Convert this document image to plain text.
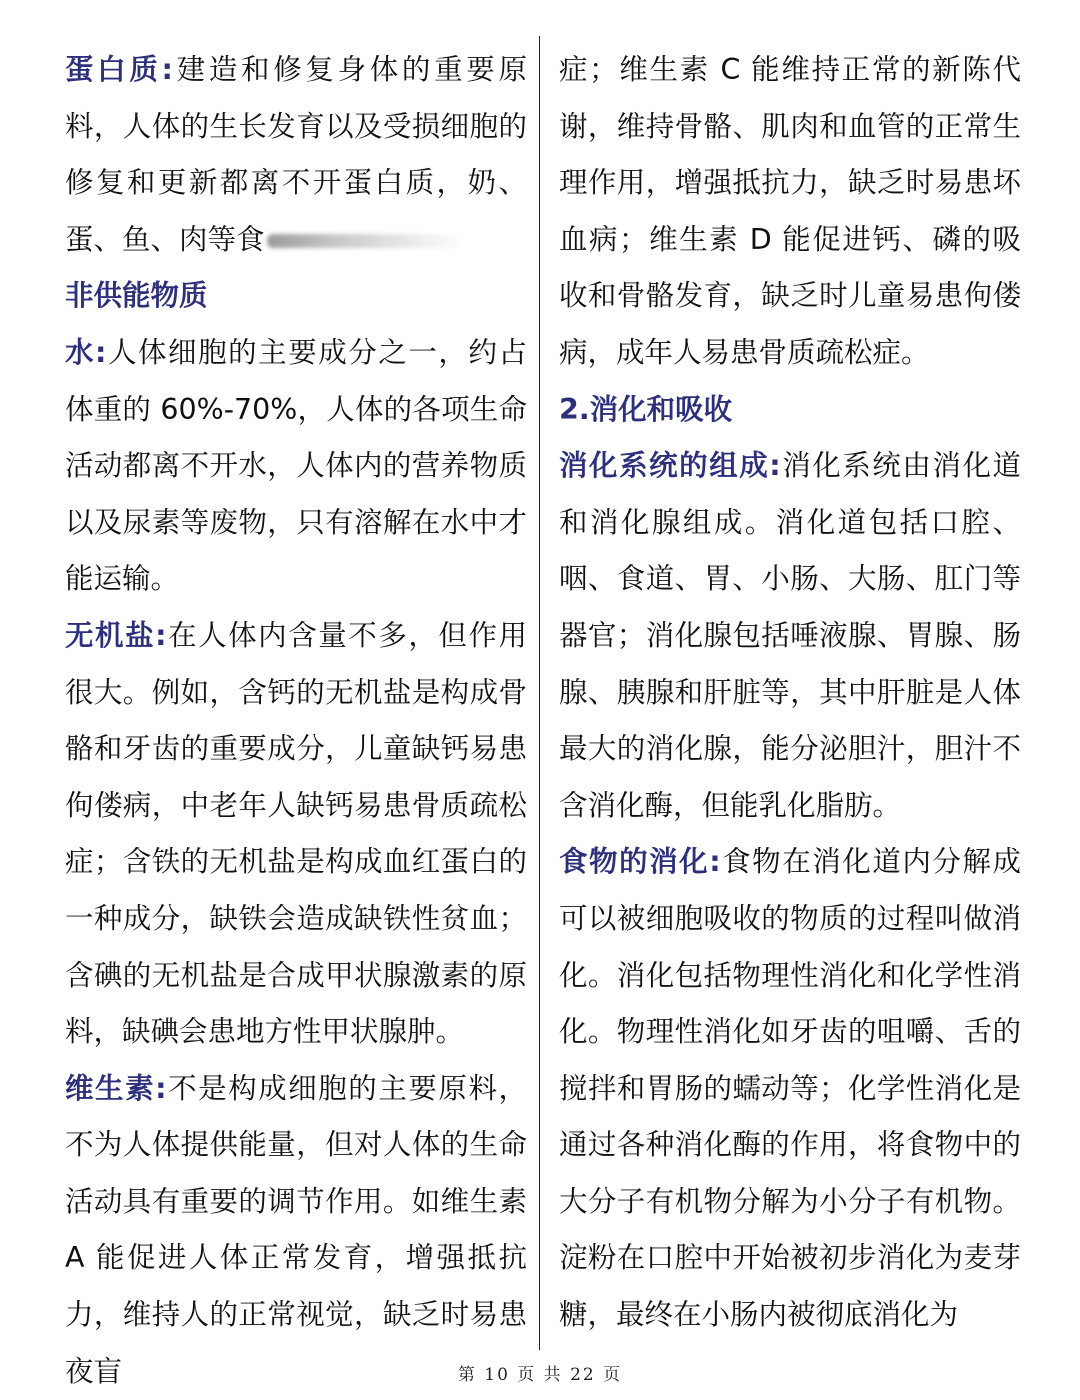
蛋白质:建造和修复身体的重要原料，人体的生长发育以及受损细胞的修复和更新都离不开蛋白质，奶、蛋、鱼、肉等食

非供能物质

水:人体细胞的主要成分之一，约占体重的 60%-70%，人体的各项生命活动都离不开水，人体内的营养物质以及尿素等废物，只有溶解在水中才能运输。

无机盐:在人体内含量不多，但作用很大。例如，含钙的无机盐是构成骨骼和牙齿的重要成分，儿童缺钙易患佝偻病，中老年人缺钙易患骨质疏松症；含铁的无机盐是构成血红蛋白的一种成分，缺铁会造成缺铁性贫血；含碘的无机盐是合成甲状腺激素的原料，缺碘会患地方性甲状腺肿。

维生素:不是构成细胞的主要原料，不为人体提供能量，但对人体的生命活动具有重要的调节作用。如维生素 A 能促进人体正常发育，增强抵抗力，维持人的正常视觉，缺乏时易患夜盲

症；维生素 C 能维持正常的新陈代谢，维持骨骼、肌肉和血管的正常生理作用，增强抵抗力，缺乏时易患坏血病；维生素 D 能促进钙、磷的吸收和骨骼发育，缺乏时儿童易患佝偻病，成年人易患骨质疏松症。

2.消化和吸收

消化系统的组成:消化系统由消化道和消化腺组成。消化道包括口腔、咽、食道、胃、小肠、大肠、肛门等器官；消化腺包括唾液腺、胃腺、肠腺、胰腺和肝脏等，其中肝脏是人体最大的消化腺，能分泌胆汁，胆汁不含消化酶，但能乳化脂肪。

食物的消化:食物在消化道内分解成可以被细胞吸收的物质的过程叫做消化。消化包括物理性消化和化学性消化。物理性消化如牙齿的咀嚼、舌的搅拌和胃肠的蠕动等；化学性消化是通过各种消化酶的作用，将食物中的大分子有机物分解为小分子有机物。淀粉在口腔中开始被初步消化为麦芽糖，最终在小肠内被彻底消化为

第 10 页 共 22 页
